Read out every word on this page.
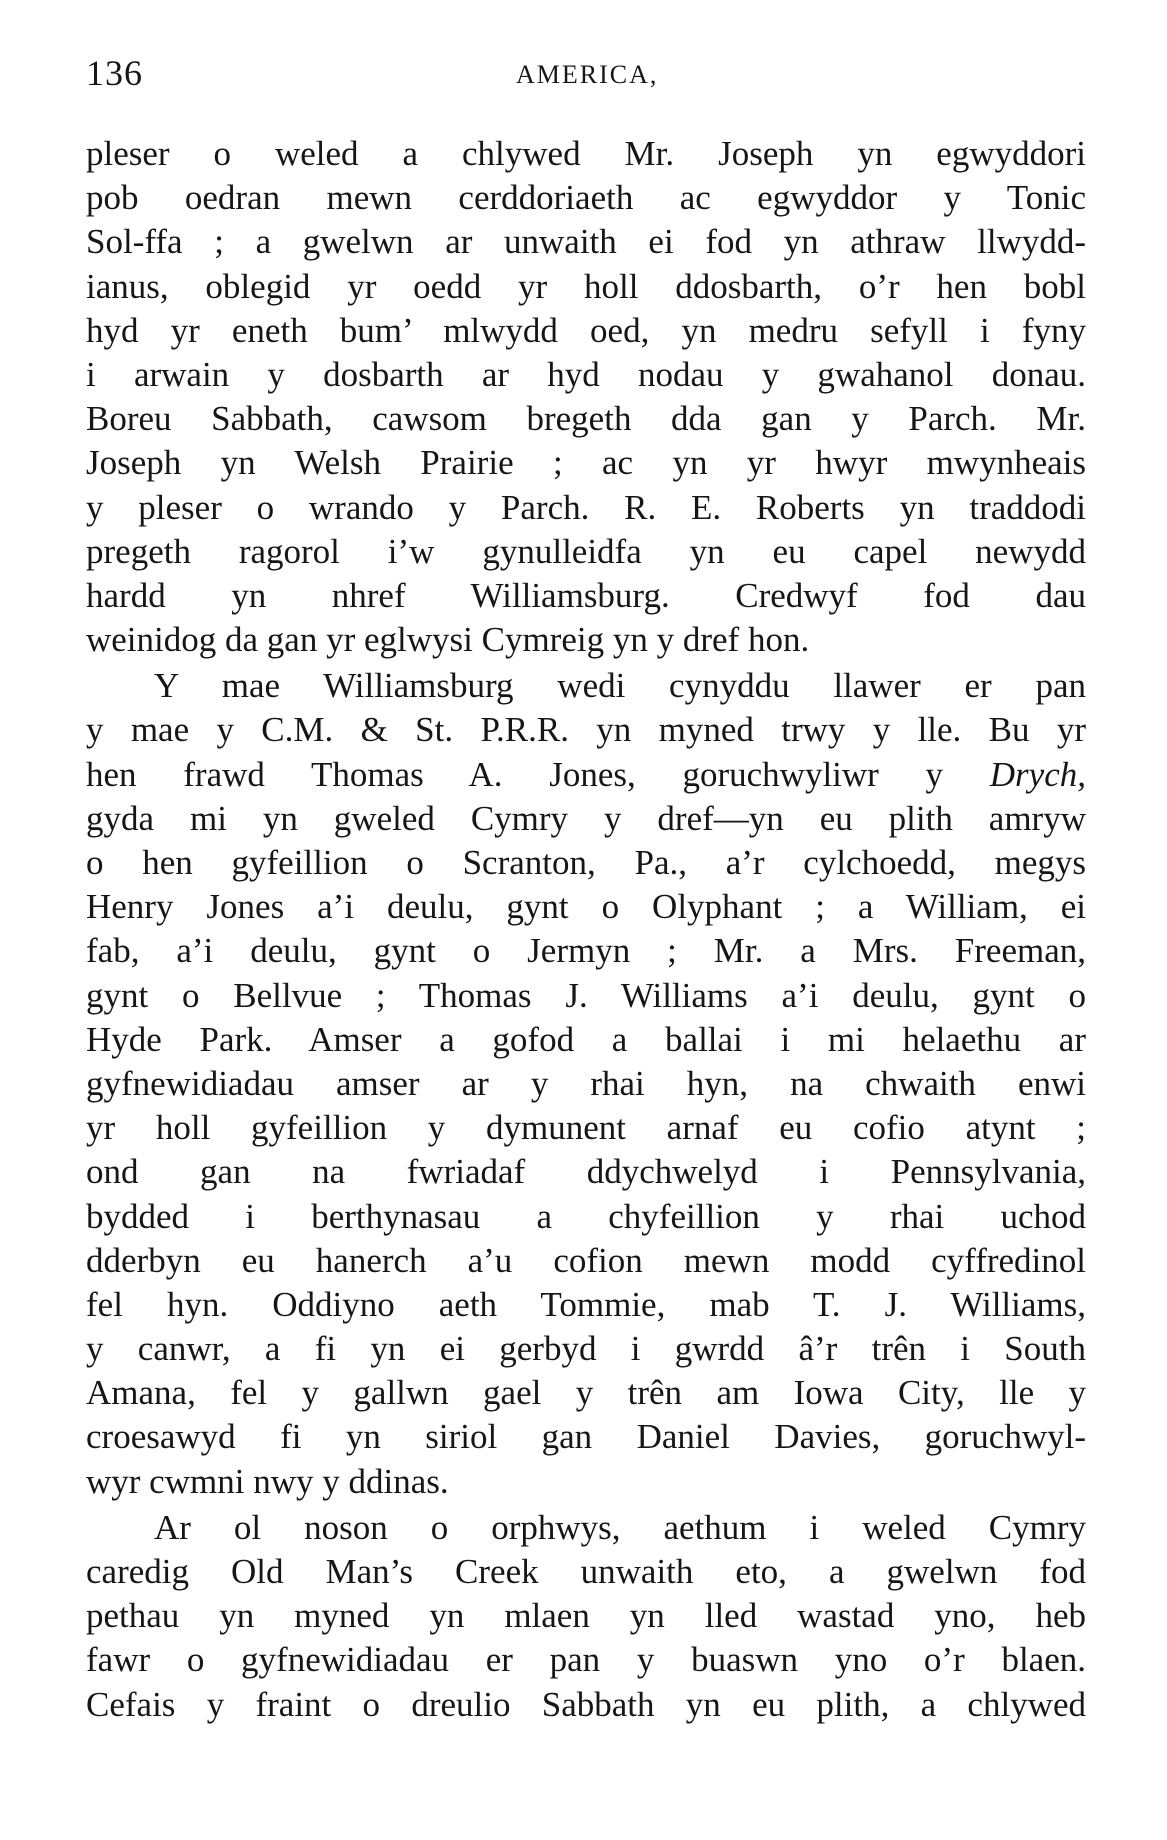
136	AMERICA,
pleser o weled a chlywed Mr. Joseph yn egwyddori
pob oedran mewn cerddoriaeth ac egwyddor y Tonic
Sol-ffa ; a gwelwn ar unwaith ei fod yn athraw llwydd-
ianus, oblegid yr oedd yr holl ddosbarth, o’r hen bobl
hyd yr eneth bum’ mlwydd oed, yn medru sefyll i fyny
i arwain y dosbarth ar hyd nodau y gwahanol donau.
Boreu Sabbath, cawsom bregeth dda gan y Parch. Mr.
Joseph yn Welsh Prairie ; ac yn yr hwyr mwynheais
y pleser o wrando y Parch. R. E. Roberts yn traddodi
pregeth ragorol i’w gynulleidfa yn eu capel newydd
hardd yn nhref Williamsburg. Credwyf fod dau
weinidog da gan yr eglwysi Cymreig yn y dref hon.
Y mae Williamsburg wedi cynyddu llawer er pan
y mae y C.M. & St. P.R.R. yn myned trwy y lle. Bu yr
hen frawd Thomas A. Jones, goruchwyliwr y Drych,
gyda mi yn gweled Cymry y dref—yn eu plith amryw
o hen gyfeillion o Scranton, Pa., a’r cylchoedd, megys
Henry Jones a’i deulu, gynt o Olyphant ; a William, ei
fab, a’i deulu, gynt o Jermyn ; Mr. a Mrs. Freeman,
gynt o Bellvue ; Thomas J. Williams a’i deulu, gynt o
Hyde Park. Amser a gofod a ballai i mi helaethu ar
gyfnewidiadau amser ar y rhai hyn, na chwaith enwi
yr holl gyfeillion y dymunent arnaf eu cofio atynt ;
ond gan na fwriadaf ddychwelyd i Pennsylvania,
bydded i berthynasau a chyfeillion y rhai uchod
dderbyn eu hanerch a’u cofion mewn modd cyffredinol
fel hyn. Oddiyno aeth Tommie, mab T. J. Williams,
y canwr, a fi yn ei gerbyd i gwrdd â’r trên i South
Amana, fel y gallwn gael y trên am Iowa City, lle y
croesawyd fi yn siriol gan Daniel Davies, goruchwyl-
wyr cwmni nwy y ddinas.
Ar ol noson o orphwys, aethum i weled Cymry
caredig Old Man’s Creek unwaith eto, a gwelwn fod
pethau yn myned yn mlaen yn lled wastad yno, heb
fawr o gyfnewidiadau er pan y buaswn yno o’r blaen.
Cefais y fraint o dreulio Sabbath yn eu plith, a chlywed
